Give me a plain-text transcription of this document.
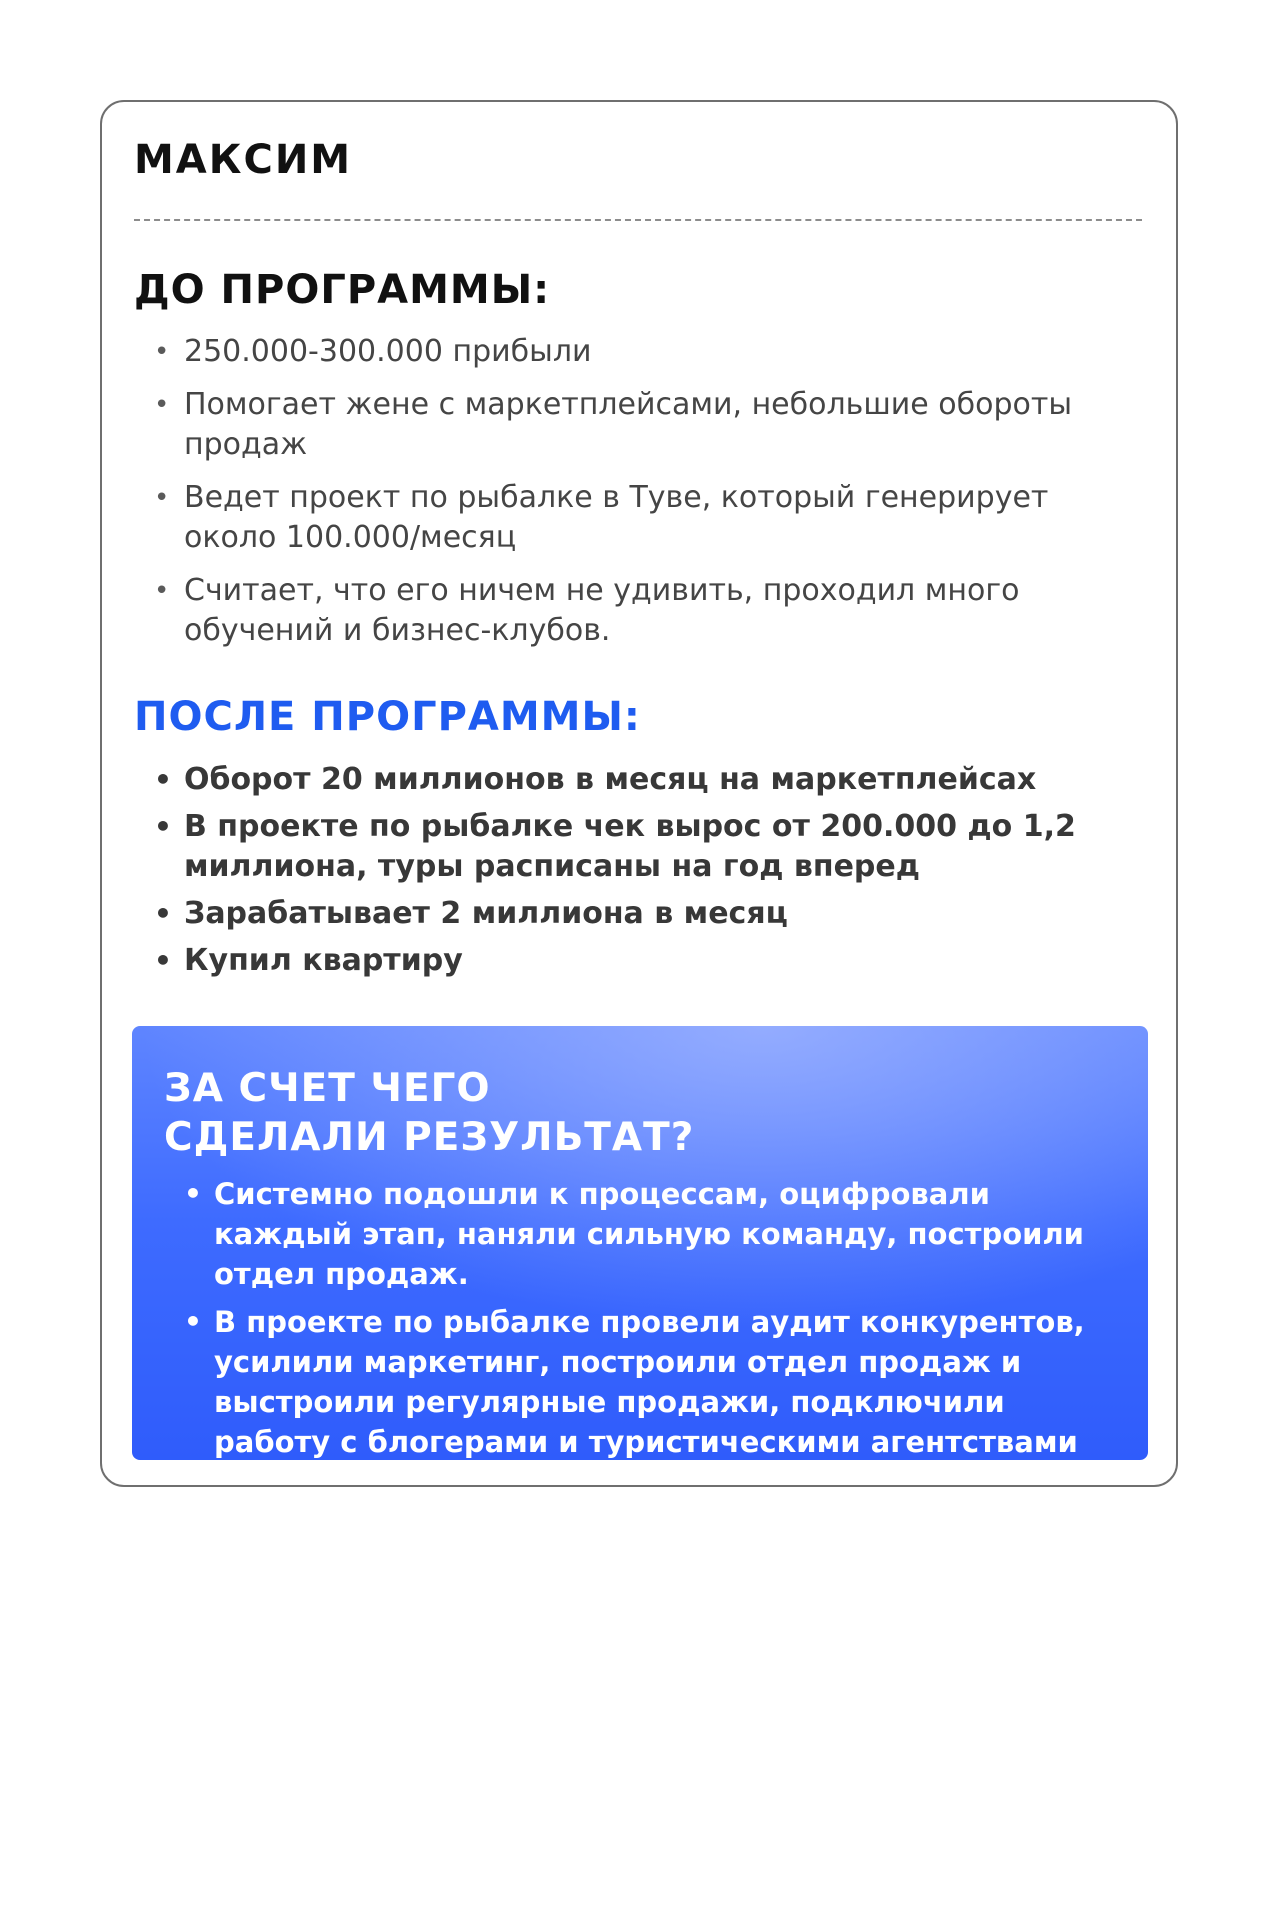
МАКСИМ
ДО ПРОГРАММЫ:
• 250.000-300.000 прибыли
• Помогает жене с маркетплейсами, небольшие обороты продаж
• Ведет проект по рыбалке в Туве, который генерирует около 100.000/месяц
• Считает, что его ничем не удивить, проходил много обучений и бизнес-клубов.
ПОСЛЕ ПРОГРАММЫ:
• Оборот 20 миллионов в месяц на маркетплейсах
• В проекте по рыбалке чек вырос от 200.000 до 1,2 миллиона, туры расписаны на год вперед
• Зарабатывает 2 миллиона в месяц
• Купил квартиру
ЗА СЧЕТ ЧЕГО
СДЕЛАЛИ РЕЗУЛЬТАТ?
• Системно подошли к процессам, оцифровали каждый этап, наняли сильную команду, построили отдел продаж.
• В проекте по рыбалке провели аудит конкурентов, усилили маркетинг, построили отдел продаж и выстроили регулярные продажи, подключили работу с блогерами и туристическими агентствами
